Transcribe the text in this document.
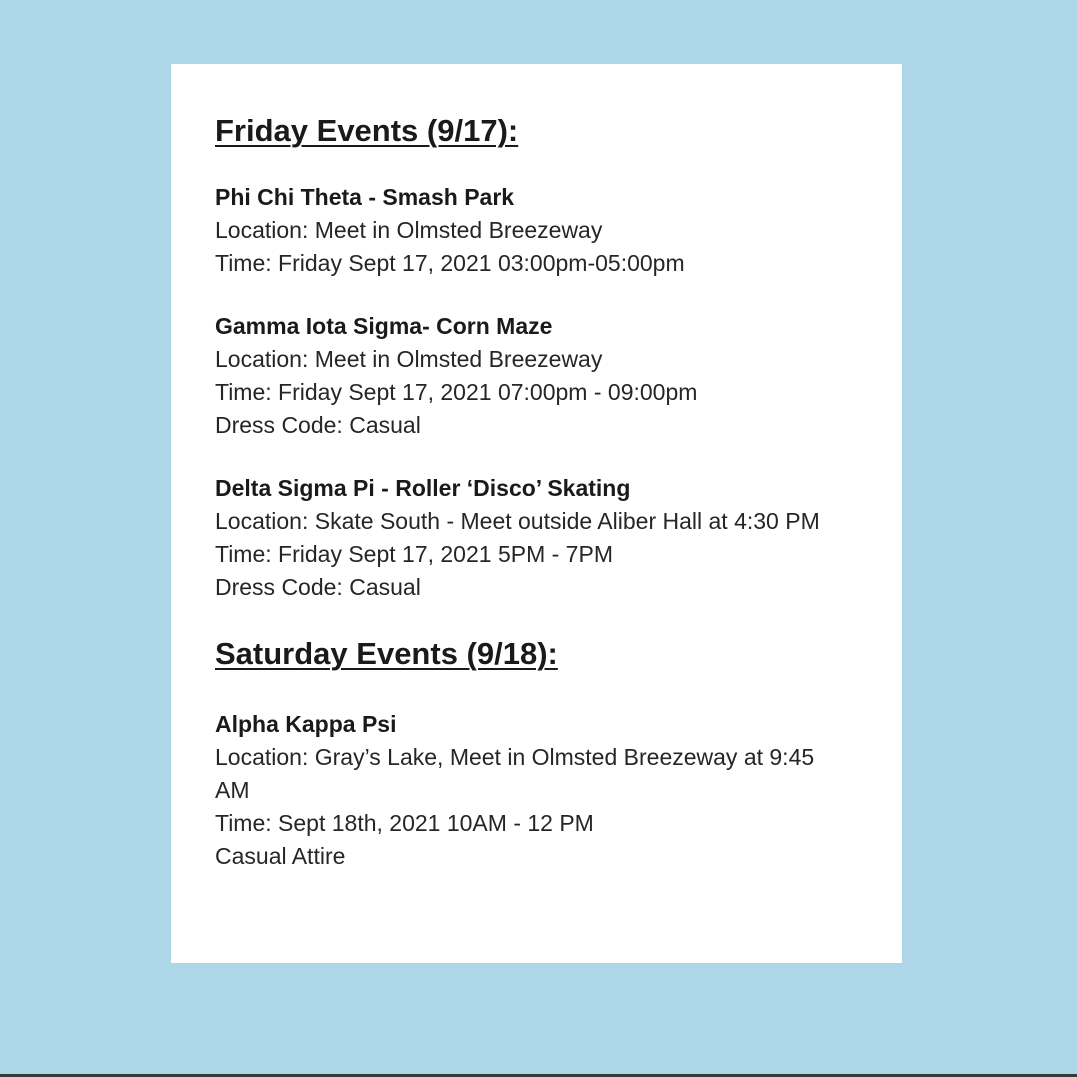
Friday Events (9/17):

Phi Chi Theta - Smash Park

Location: Meet in Olmsted Breezeway

Time: Friday Sept 17, 2021 03:00pm-05:00pm

Gamma Iota Sigma- Corn Maze

Location: Meet in Olmsted Breezeway

Time: Friday Sept 17, 2021 07:00pm - 09:00pm

Dress Code: Casual

Delta Sigma Pi - Roller ‘Disco’ Skating

Location: Skate South - Meet outside Aliber Hall at 4:30 PM

Time: Friday Sept 17, 2021 5PM - 7PM

Dress Code: Casual

Saturday Events (9/18):

Alpha Kappa Psi

Location: Gray’s Lake, Meet in Olmsted Breezeway at 9:45 AM

Time: Sept 18th, 2021 10AM - 12 PM

Casual Attire
